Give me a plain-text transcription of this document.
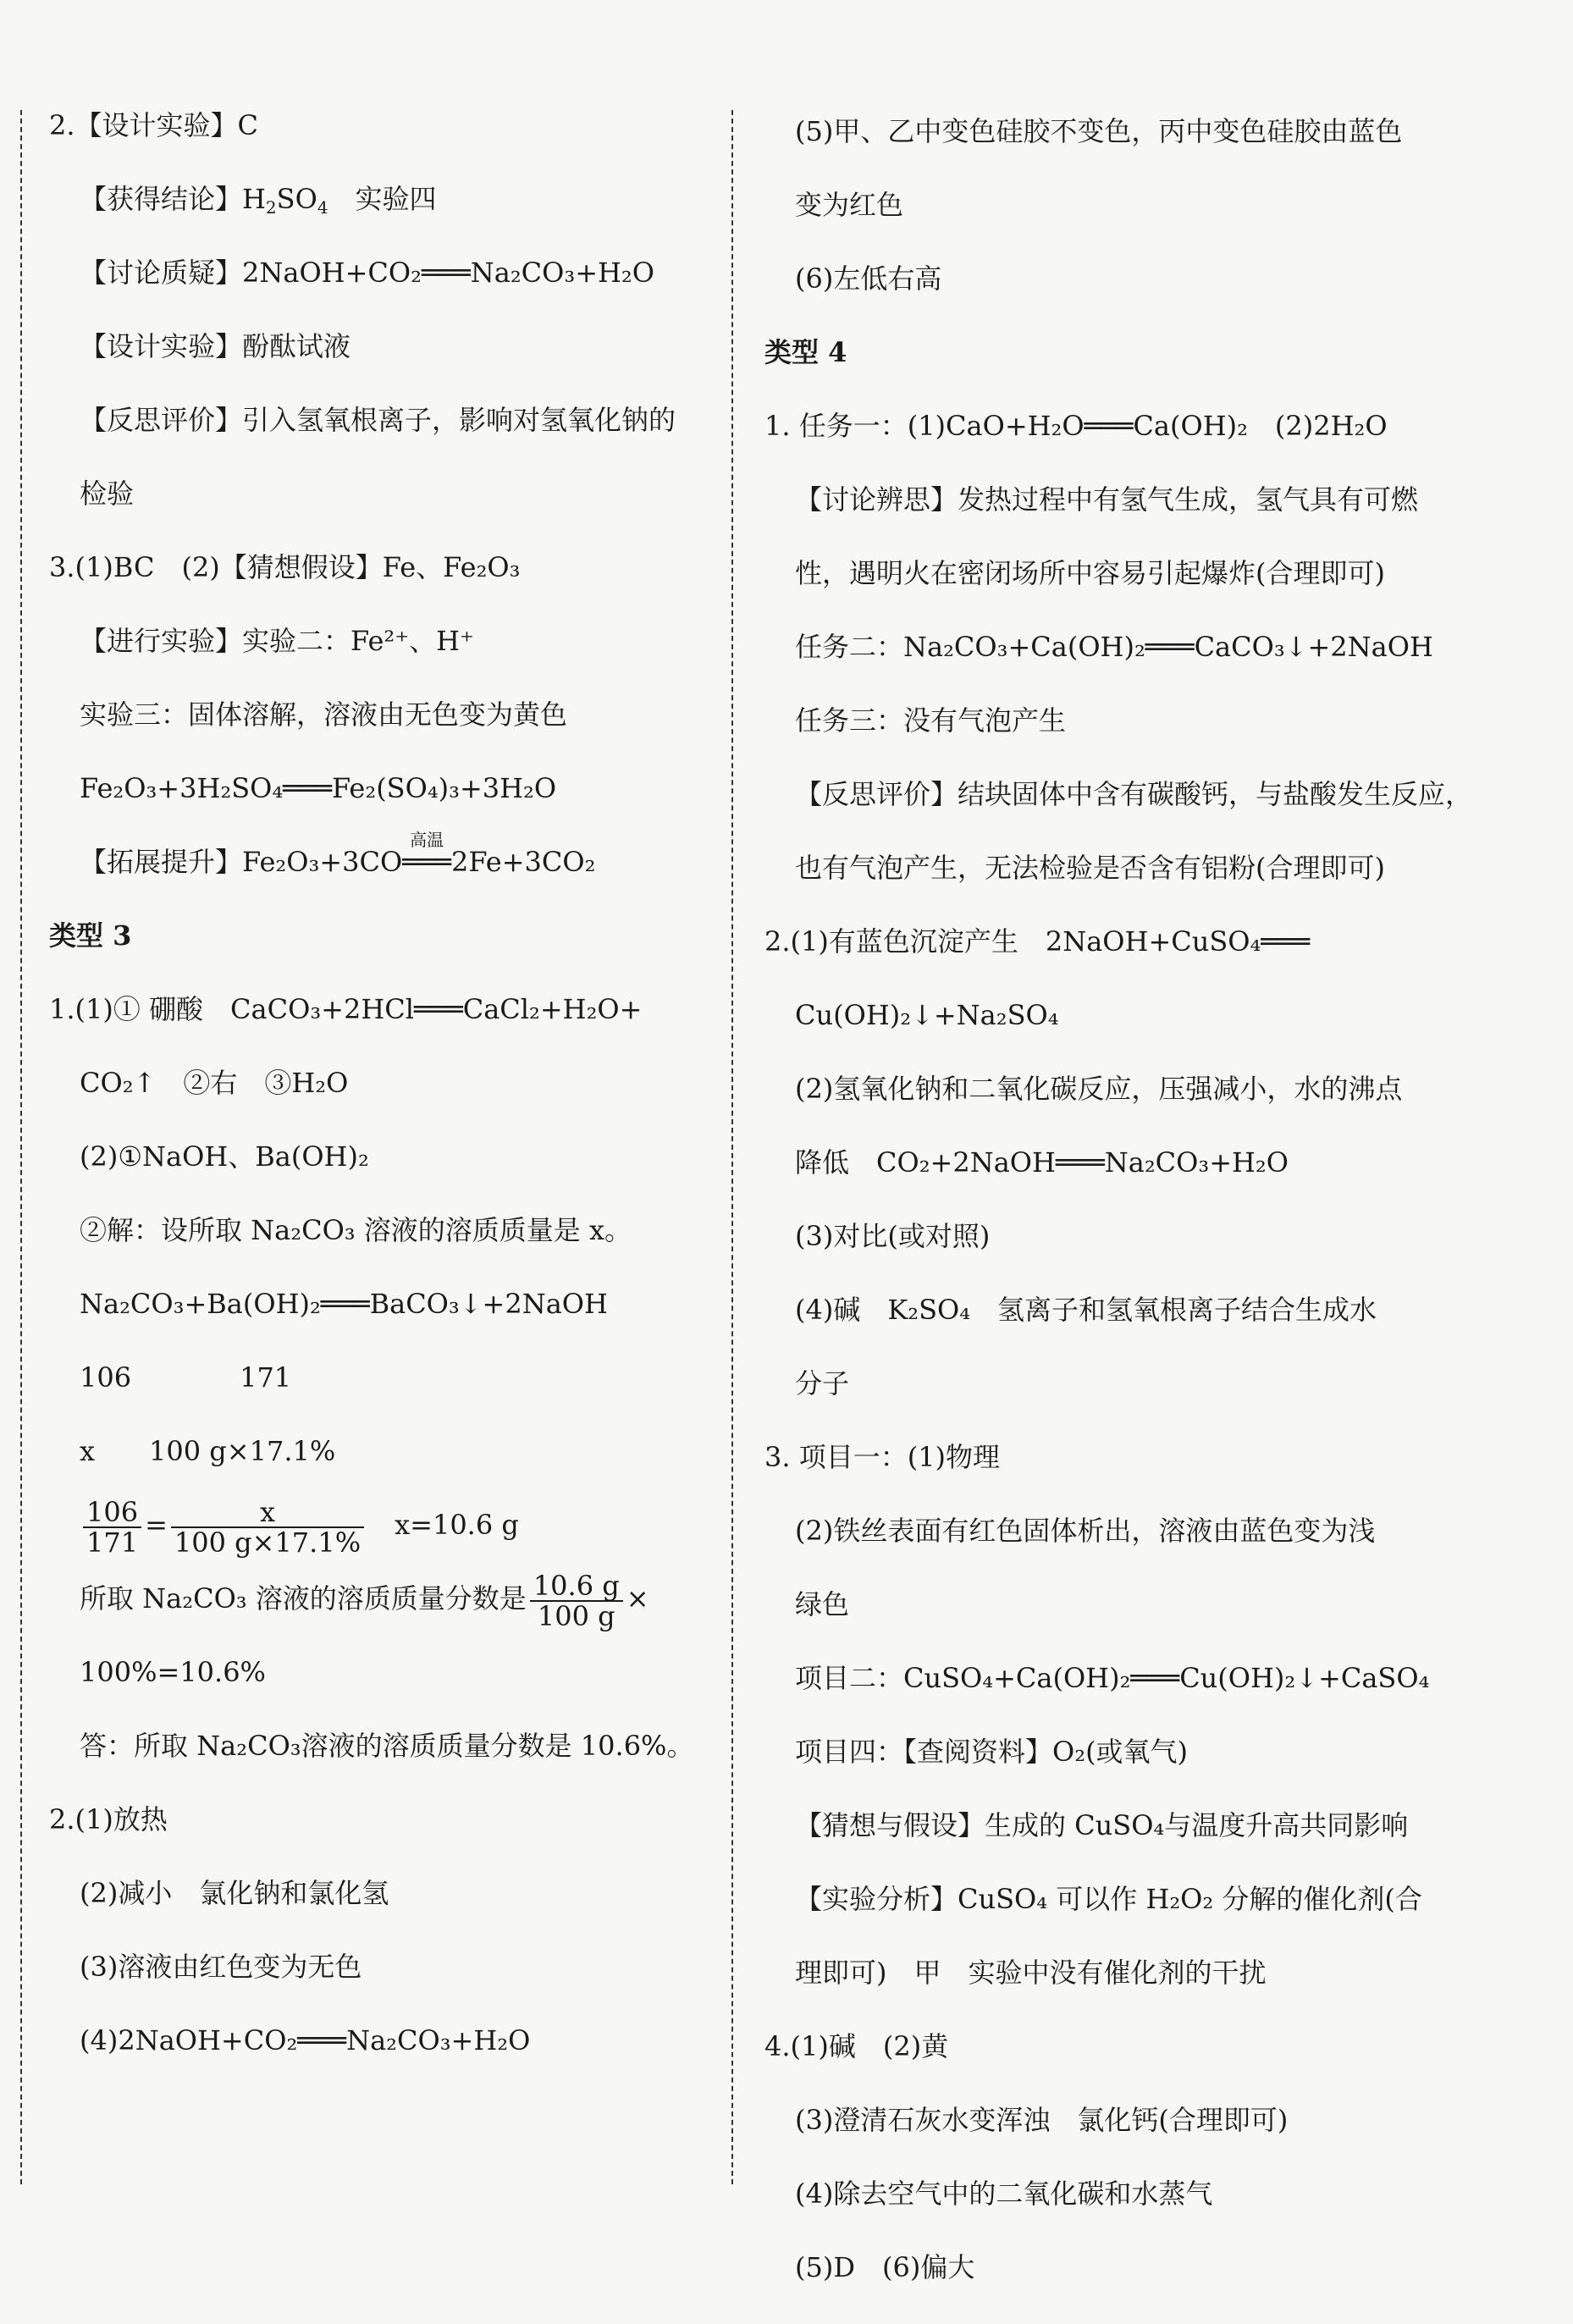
2.【设计实验】C
【获得结论】$H_2SO_4$　实验四
【讨论质疑】2NaOH+CO₂═══Na₂CO₃+H₂O
【设计实验】酚酞试液
【反思评价】引入氢氧根离子，影响对氢氧化钠的
检验
3.(1)BC　(2)【猜想假设】Fe、Fe₂O₃
【进行实验】实验二：Fe²⁺、H⁺
实验三：固体溶解，溶液由无色变为黄色
Fe₂O₃+3H₂SO₄═══Fe₂(SO₄)₃+3H₂O
【拓展提升】Fe₂O₃+3CO
高温
═══2Fe+3CO₂
类型 3
1.(1)① 硼酸　CaCO₃+2HCl═══CaCl₂+H₂O+
CO₂↑　②右　③H₂O
(2)①NaOH、Ba(OH)₂
②解：设所取 Na₂CO₃ 溶液的溶质质量是 x。
Na₂CO₃+Ba(OH)₂═══BaCO₃↓+2NaOH
106　　　　171
x　　100 g×17.1%
$\frac{106}{171} = \frac{x}{100 g\times 17.1\%}$ 　x=10.6 g
所取 Na₂CO₃ 溶液的溶质质量分数是 $\frac{10.6 g}{100 g}$ ×
100%=10.6%
答：所取 Na₂CO₃溶液的溶质质量分数是 10.6%。
2.(1)放热
(2)减小　氯化钠和氯化氢
(3)溶液由红色变为无色
(4)2NaOH+CO₂═══Na₂CO₃+H₂O
(5)甲、乙中变色硅胶不变色，丙中变色硅胶由蓝色
变为红色
(6)左低右高
类型 4
1. 任务一：(1)CaO+H₂O═══Ca(OH)₂　(2)2H₂O
【讨论辨思】发热过程中有氢气生成，氢气具有可燃
性，遇明火在密闭场所中容易引起爆炸(合理即可)
任务二：Na₂CO₃+Ca(OH)₂═══CaCO₃↓+2NaOH
任务三：没有气泡产生
【反思评价】结块固体中含有碳酸钙，与盐酸发生反应，
也有气泡产生，无法检验是否含有铝粉(合理即可)
2.(1)有蓝色沉淀产生　2NaOH+CuSO₄═══
Cu(OH)₂↓+Na₂SO₄
(2)氢氧化钠和二氧化碳反应，压强减小，水的沸点
降低　CO₂+2NaOH═══Na₂CO₃+H₂O
(3)对比(或对照)
(4)碱　K₂SO₄　氢离子和氢氧根离子结合生成水
分子
3. 项目一：(1)物理
(2)铁丝表面有红色固体析出，溶液由蓝色变为浅
绿色
项目二：CuSO₄+Ca(OH)₂═══Cu(OH)₂↓+CaSO₄
项目四：【查阅资料】O₂(或氧气)
【猜想与假设】生成的 CuSO₄与温度升高共同影响
【实验分析】CuSO₄ 可以作 H₂O₂ 分解的催化剂(合
理即可)　甲　实验中没有催化剂的干扰
4.(1)碱　(2)黄
(3)澄清石灰水变浑浊　氯化钙(合理即可)
(4)除去空气中的二氧化碳和水蒸气
(5)D　(6)偏大
